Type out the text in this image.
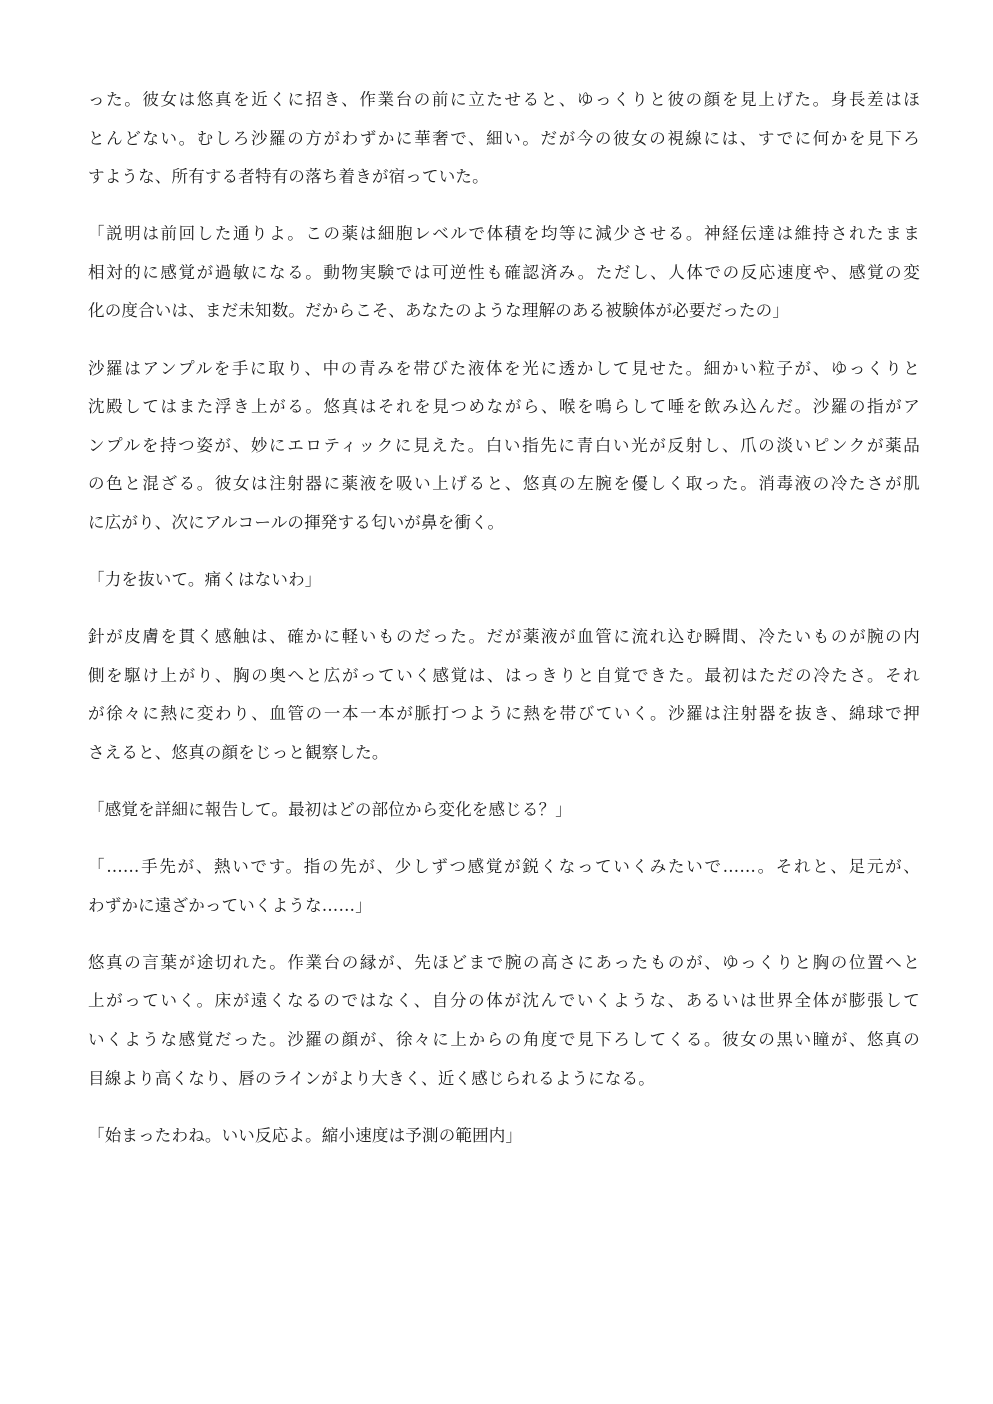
った。彼女は悠真を近くに招き、作業台の前に立たせると、ゆっくりと彼の顔を見上げた。身長差はほ
とんどない。むしろ沙羅の方がわずかに華奢で、細い。だが今の彼女の視線には、すでに何かを見下ろ
すような、所有する者特有の落ち着きが宿っていた。

「説明は前回した通りよ。この薬は細胞レベルで体積を均等に減少させる。神経伝達は維持されたまま
相対的に感覚が過敏になる。動物実験では可逆性も確認済み。ただし、人体での反応速度や、感覚の変
化の度合いは、まだ未知数。だからこそ、あなたのような理解のある被験体が必要だったの」

沙羅はアンプルを手に取り、中の青みを帯びた液体を光に透かして見せた。細かい粒子が、ゆっくりと
沈殿してはまた浮き上がる。悠真はそれを見つめながら、喉を鳴らして唾を飲み込んだ。沙羅の指がア
ンプルを持つ姿が、妙にエロティックに見えた。白い指先に青白い光が反射し、爪の淡いピンクが薬品
の色と混ざる。彼女は注射器に薬液を吸い上げると、悠真の左腕を優しく取った。消毒液の冷たさが肌
に広がり、次にアルコールの揮発する匂いが鼻を衝く。

「力を抜いて。痛くはないわ」

針が皮膚を貫く感触は、確かに軽いものだった。だが薬液が血管に流れ込む瞬間、冷たいものが腕の内
側を駆け上がり、胸の奥へと広がっていく感覚は、はっきりと自覚できた。最初はただの冷たさ。それ
が徐々に熱に変わり、血管の一本一本が脈打つように熱を帯びていく。沙羅は注射器を抜き、綿球で押
さえると、悠真の顔をじっと観察した。

「感覚を詳細に報告して。最初はどの部位から変化を感じる？」

「……手先が、熱いです。指の先が、少しずつ感覚が鋭くなっていくみたいで……。それと、足元が、
わずかに遠ざかっていくような……」

悠真の言葉が途切れた。作業台の縁が、先ほどまで腕の高さにあったものが、ゆっくりと胸の位置へと
上がっていく。床が遠くなるのではなく、自分の体が沈んでいくような、あるいは世界全体が膨張して
いくような感覚だった。沙羅の顔が、徐々に上からの角度で見下ろしてくる。彼女の黒い瞳が、悠真の
目線より高くなり、唇のラインがより大きく、近く感じられるようになる。

「始まったわね。いい反応よ。縮小速度は予測の範囲内」
